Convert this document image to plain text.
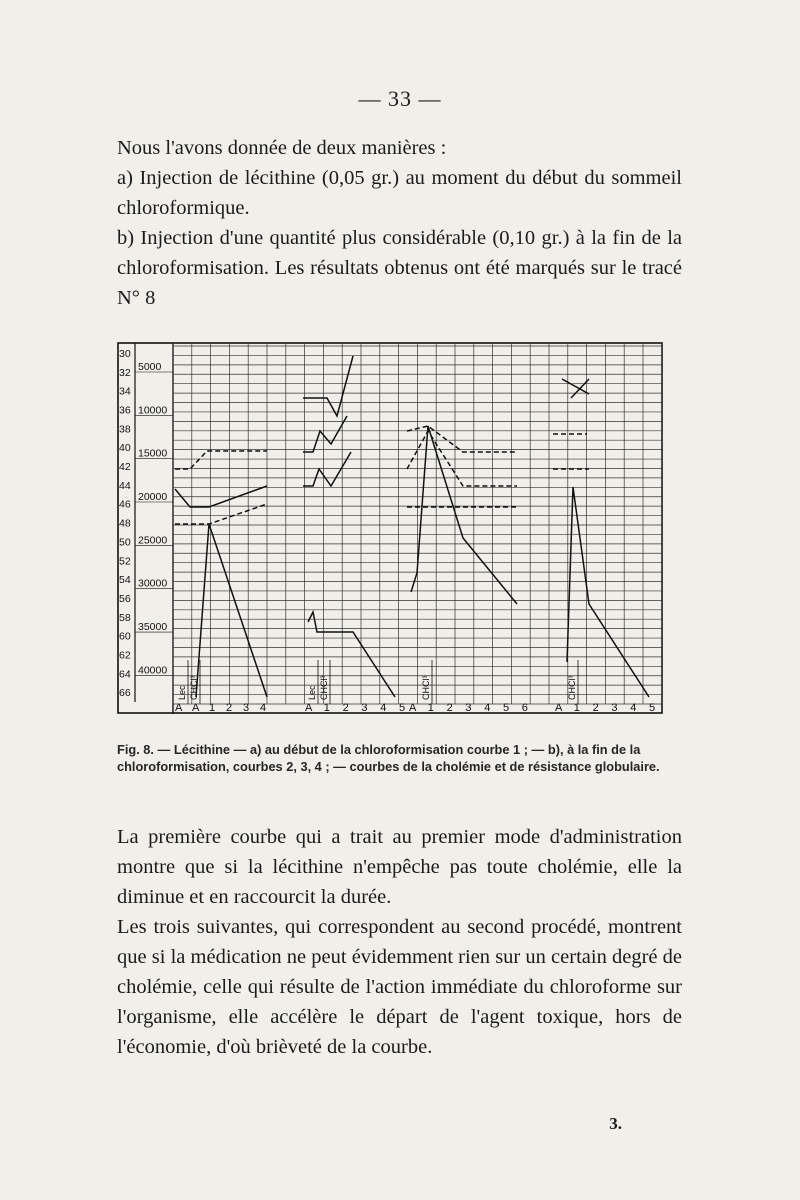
— 33 —

Nous l'avons donnée de deux manières :

a) Injection de lécithine (0,05 gr.) au moment du début du sommeil chloroformique.

b) Injection d'une quantité plus considérable (0,10 gr.) à la fin de la chloroformisation. Les résultats obtenus ont été marqués sur le tracé N° 8

30
32
34
36
38
40
42
44
46
48
50
52
54
56
58
60
62
64
66
5000
10000
15000
20000
25000
30000
35000
40000
A A 1 2 3 4
Lec CHCl³
A 1 2 3 4 5
Lec CHCl³
A 1 2 3 4 5 6
CHCl³
A 1 2 3 4 5
CHCl³
Fig. 8. — Lécithine — a) au début de la chloroformisation courbe 1 ; — b), à la fin de la chloroformisation, courbes 2, 3, 4 ; — courbes de la cholémie et de résistance globulaire.

La première courbe qui a trait au premier mode d'administration montre que si la lécithine n'empêche pas toute cholémie, elle la diminue et en raccourcit la durée.

Les trois suivantes, qui correspondent au second procédé, montrent que si la médication ne peut évidemment rien sur un certain degré de cholémie, celle qui résulte de l'action immédiate du chloroforme sur l'organisme, elle accélère le départ de l'agent toxique, hors de l'économie, d'où brièveté de la courbe.

3.
